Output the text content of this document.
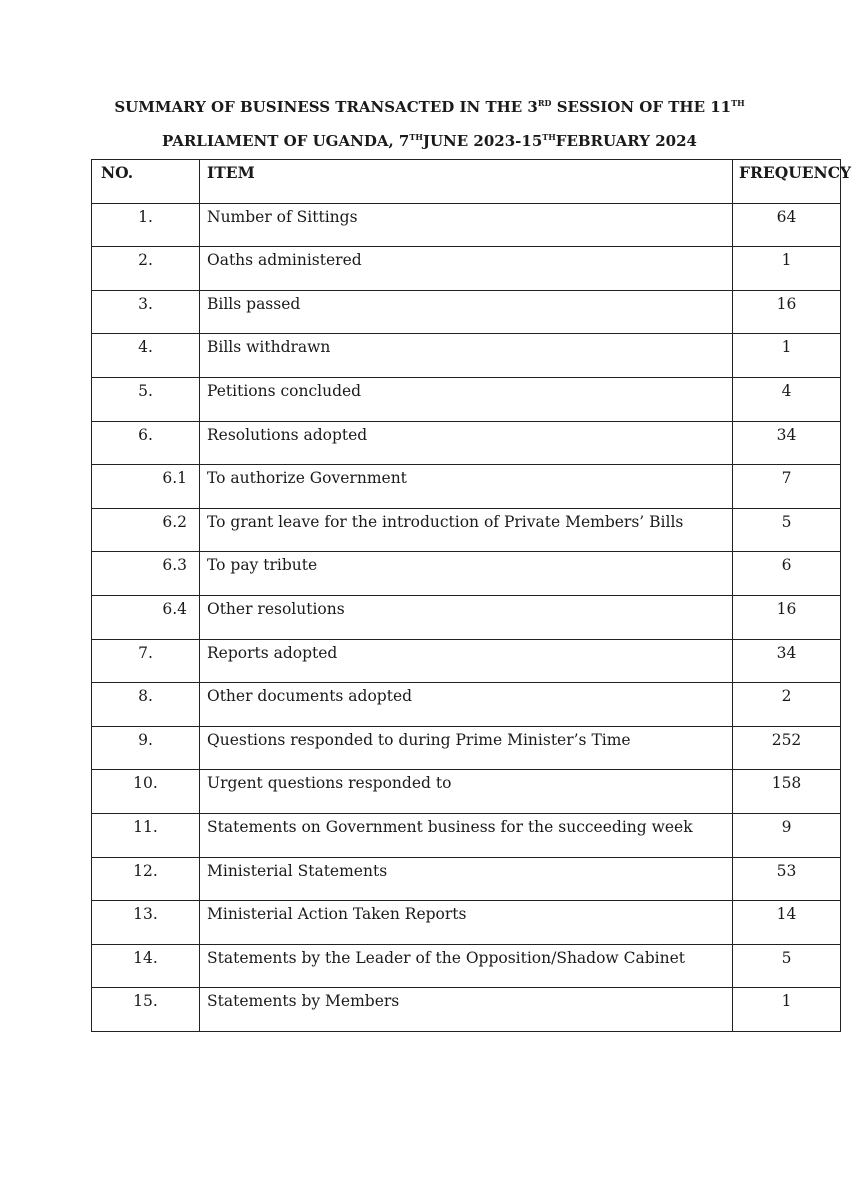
SUMMARY OF BUSINESS TRANSACTED IN THE 3RD SESSION OF THE 11TH
PARLIAMENT OF UGANDA, 7THJUNE 2023-15THFEBRUARY 2024
NO.	ITEM	FREQUENCY
1.	Number of Sittings	64
2.	Oaths administered	1
3.	Bills passed	16
4.	Bills withdrawn	1
5.	Petitions concluded	4
6.	Resolutions adopted	34
6.1	To authorize Government	7
6.2	To grant leave for the introduction of Private Members’ Bills	5
6.3	To pay tribute	6
6.4	Other resolutions	16
7.	Reports adopted	34
8.	Other documents adopted	2
9.	Questions responded to during Prime Minister’s Time	252
10.	Urgent questions responded to	158
11.	Statements on Government business for the succeeding week	9
12.	Ministerial Statements	53
13.	Ministerial Action Taken Reports	14
14.	Statements by the Leader of the Opposition/Shadow Cabinet	5
15.	Statements by Members	1
